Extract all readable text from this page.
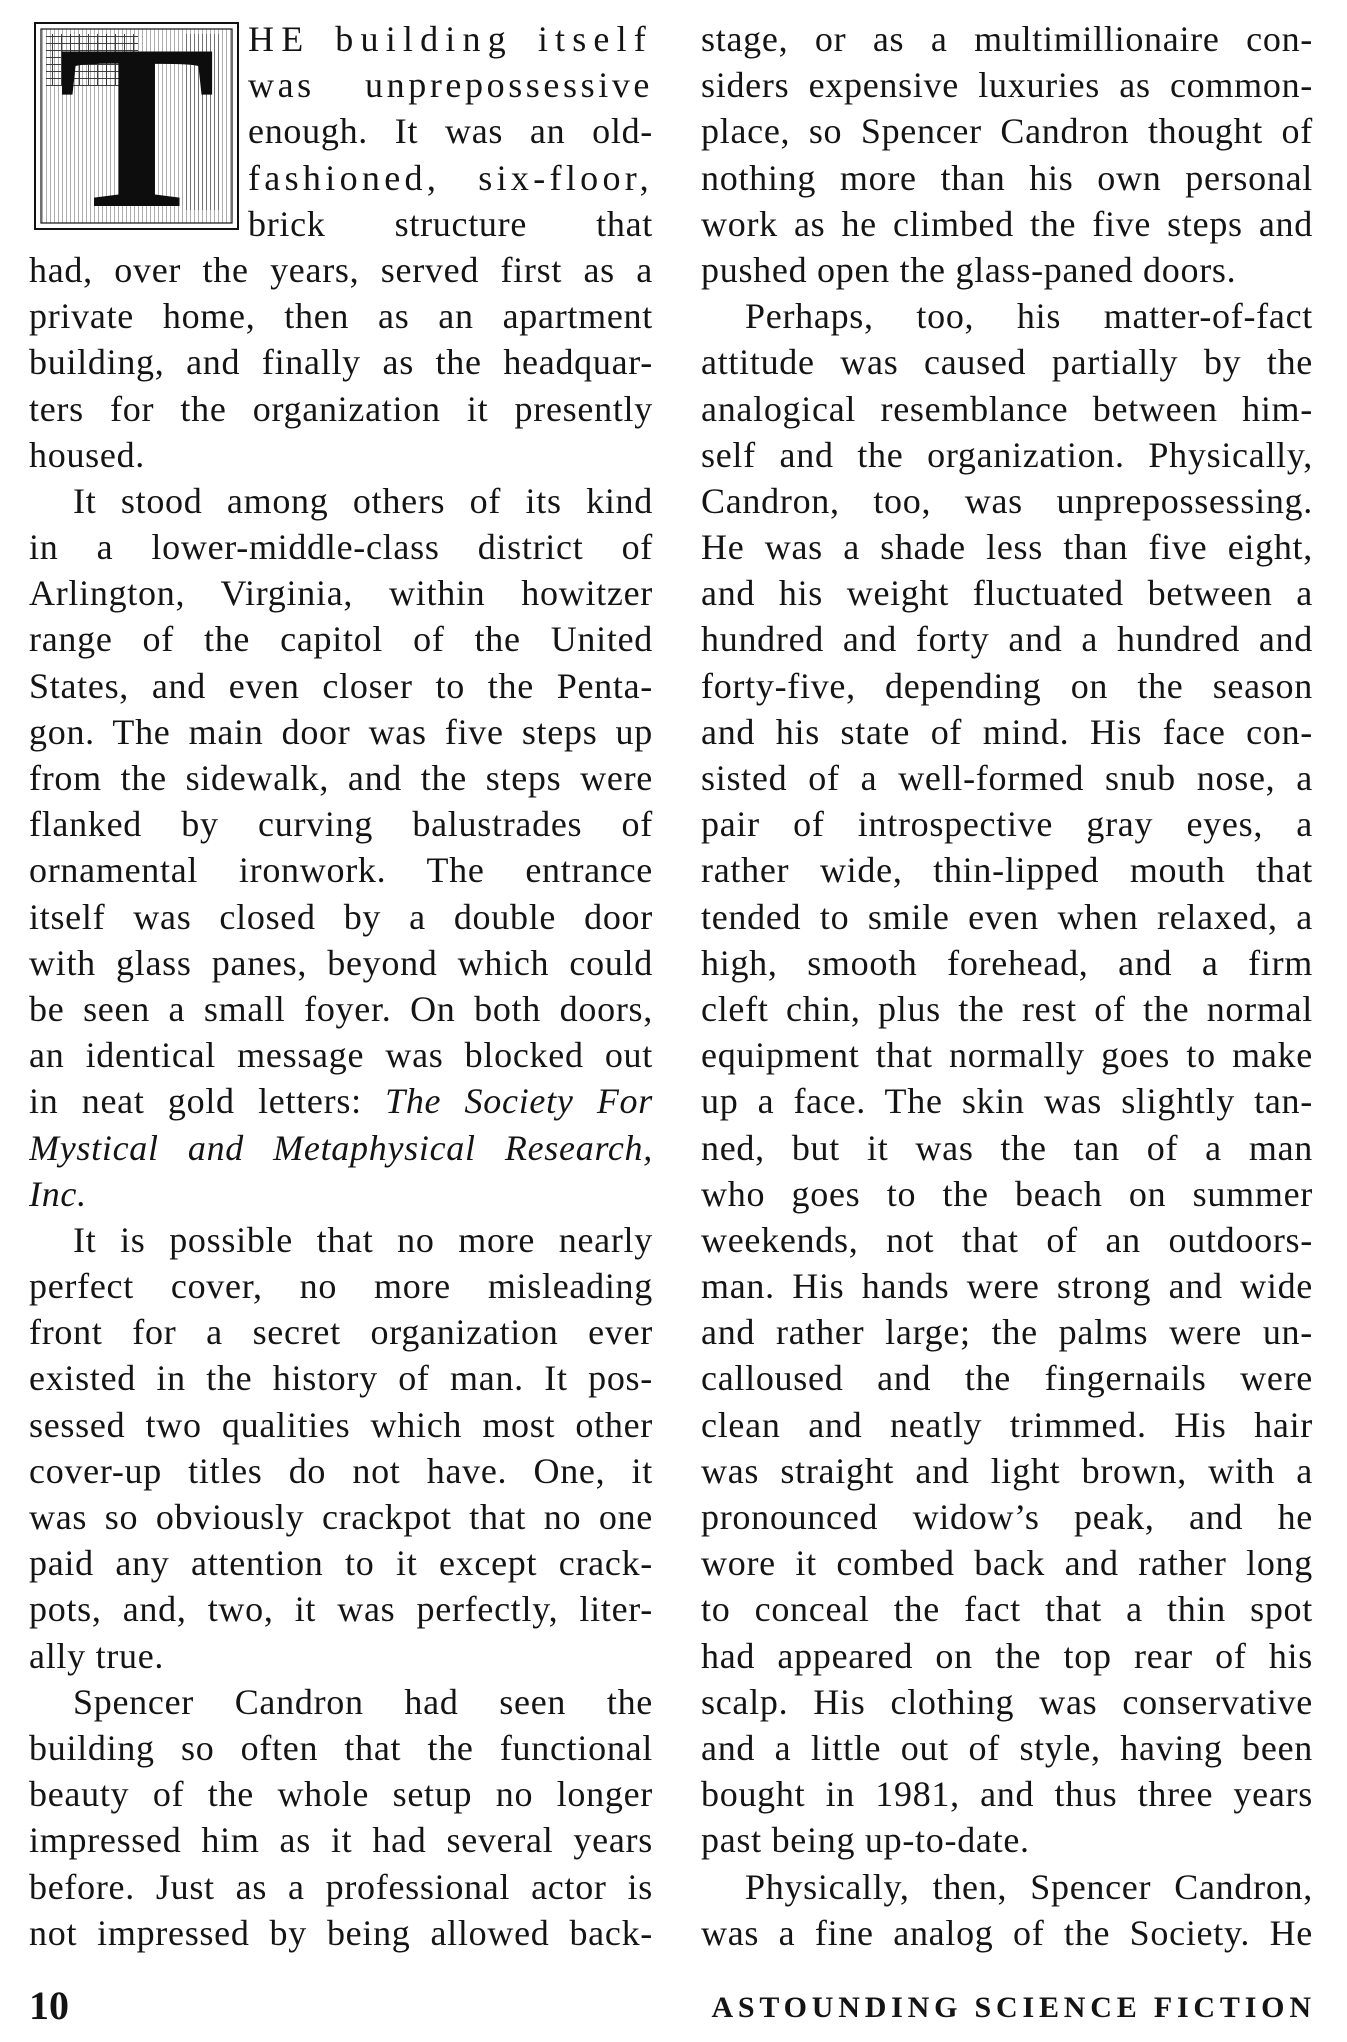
T HE building itself
was unprepossessive
enough. It was an old-
fashioned, six-floor,
brick structure that
had, over the years, served first as a
private home, then as an apartment
building, and finally as the headquar-
ters for the organization it presently
housed.
It stood among others of its kind
in a lower-middle-class district of
Arlington, Virginia, within howitzer
range of the capitol of the United
States, and even closer to the Penta-
gon. The main door was five steps up
from the sidewalk, and the steps were
flanked by curving balustrades of
ornamental ironwork. The entrance
itself was closed by a double door
with glass panes, beyond which could
be seen a small foyer. On both doors,
an identical message was blocked out
in neat gold letters: The Society For
Mystical and Metaphysical Research,
Inc.
It is possible that no more nearly
perfect cover, no more misleading
front for a secret organization ever
existed in the history of man. It pos-
sessed two qualities which most other
cover-up titles do not have. One, it
was so obviously crackpot that no one
paid any attention to it except crack-
pots, and, two, it was perfectly, liter-
ally true.
Spencer Candron had seen the
building so often that the functional
beauty of the whole setup no longer
impressed him as it had several years
before. Just as a professional actor is
not impressed by being allowed back-
stage, or as a multimillionaire con-
siders expensive luxuries as common-
place, so Spencer Candron thought of
nothing more than his own personal
work as he climbed the five steps and
pushed open the glass-paned doors.
Perhaps, too, his matter-of-fact
attitude was caused partially by the
analogical resemblance between him-
self and the organization. Physically,
Candron, too, was unprepossessing.
He was a shade less than five eight,
and his weight fluctuated between a
hundred and forty and a hundred and
forty-five, depending on the season
and his state of mind. His face con-
sisted of a well-formed snub nose, a
pair of introspective gray eyes, a
rather wide, thin-lipped mouth that
tended to smile even when relaxed, a
high, smooth forehead, and a firm
cleft chin, plus the rest of the normal
equipment that normally goes to make
up a face. The skin was slightly tan-
ned, but it was the tan of a man
who goes to the beach on summer
weekends, not that of an outdoors-
man. His hands were strong and wide
and rather large; the palms were un-
calloused and the fingernails were
clean and neatly trimmed. His hair
was straight and light brown, with a
pronounced widow’s peak, and he
wore it combed back and rather long
to conceal the fact that a thin spot
had appeared on the top rear of his
scalp. His clothing was conservative
and a little out of style, having been
bought in 1981, and thus three years
past being up-to-date.
Physically, then, Spencer Candron,
was a fine analog of the Society. He
10	ASTOUNDING SCIENCE FICTION
